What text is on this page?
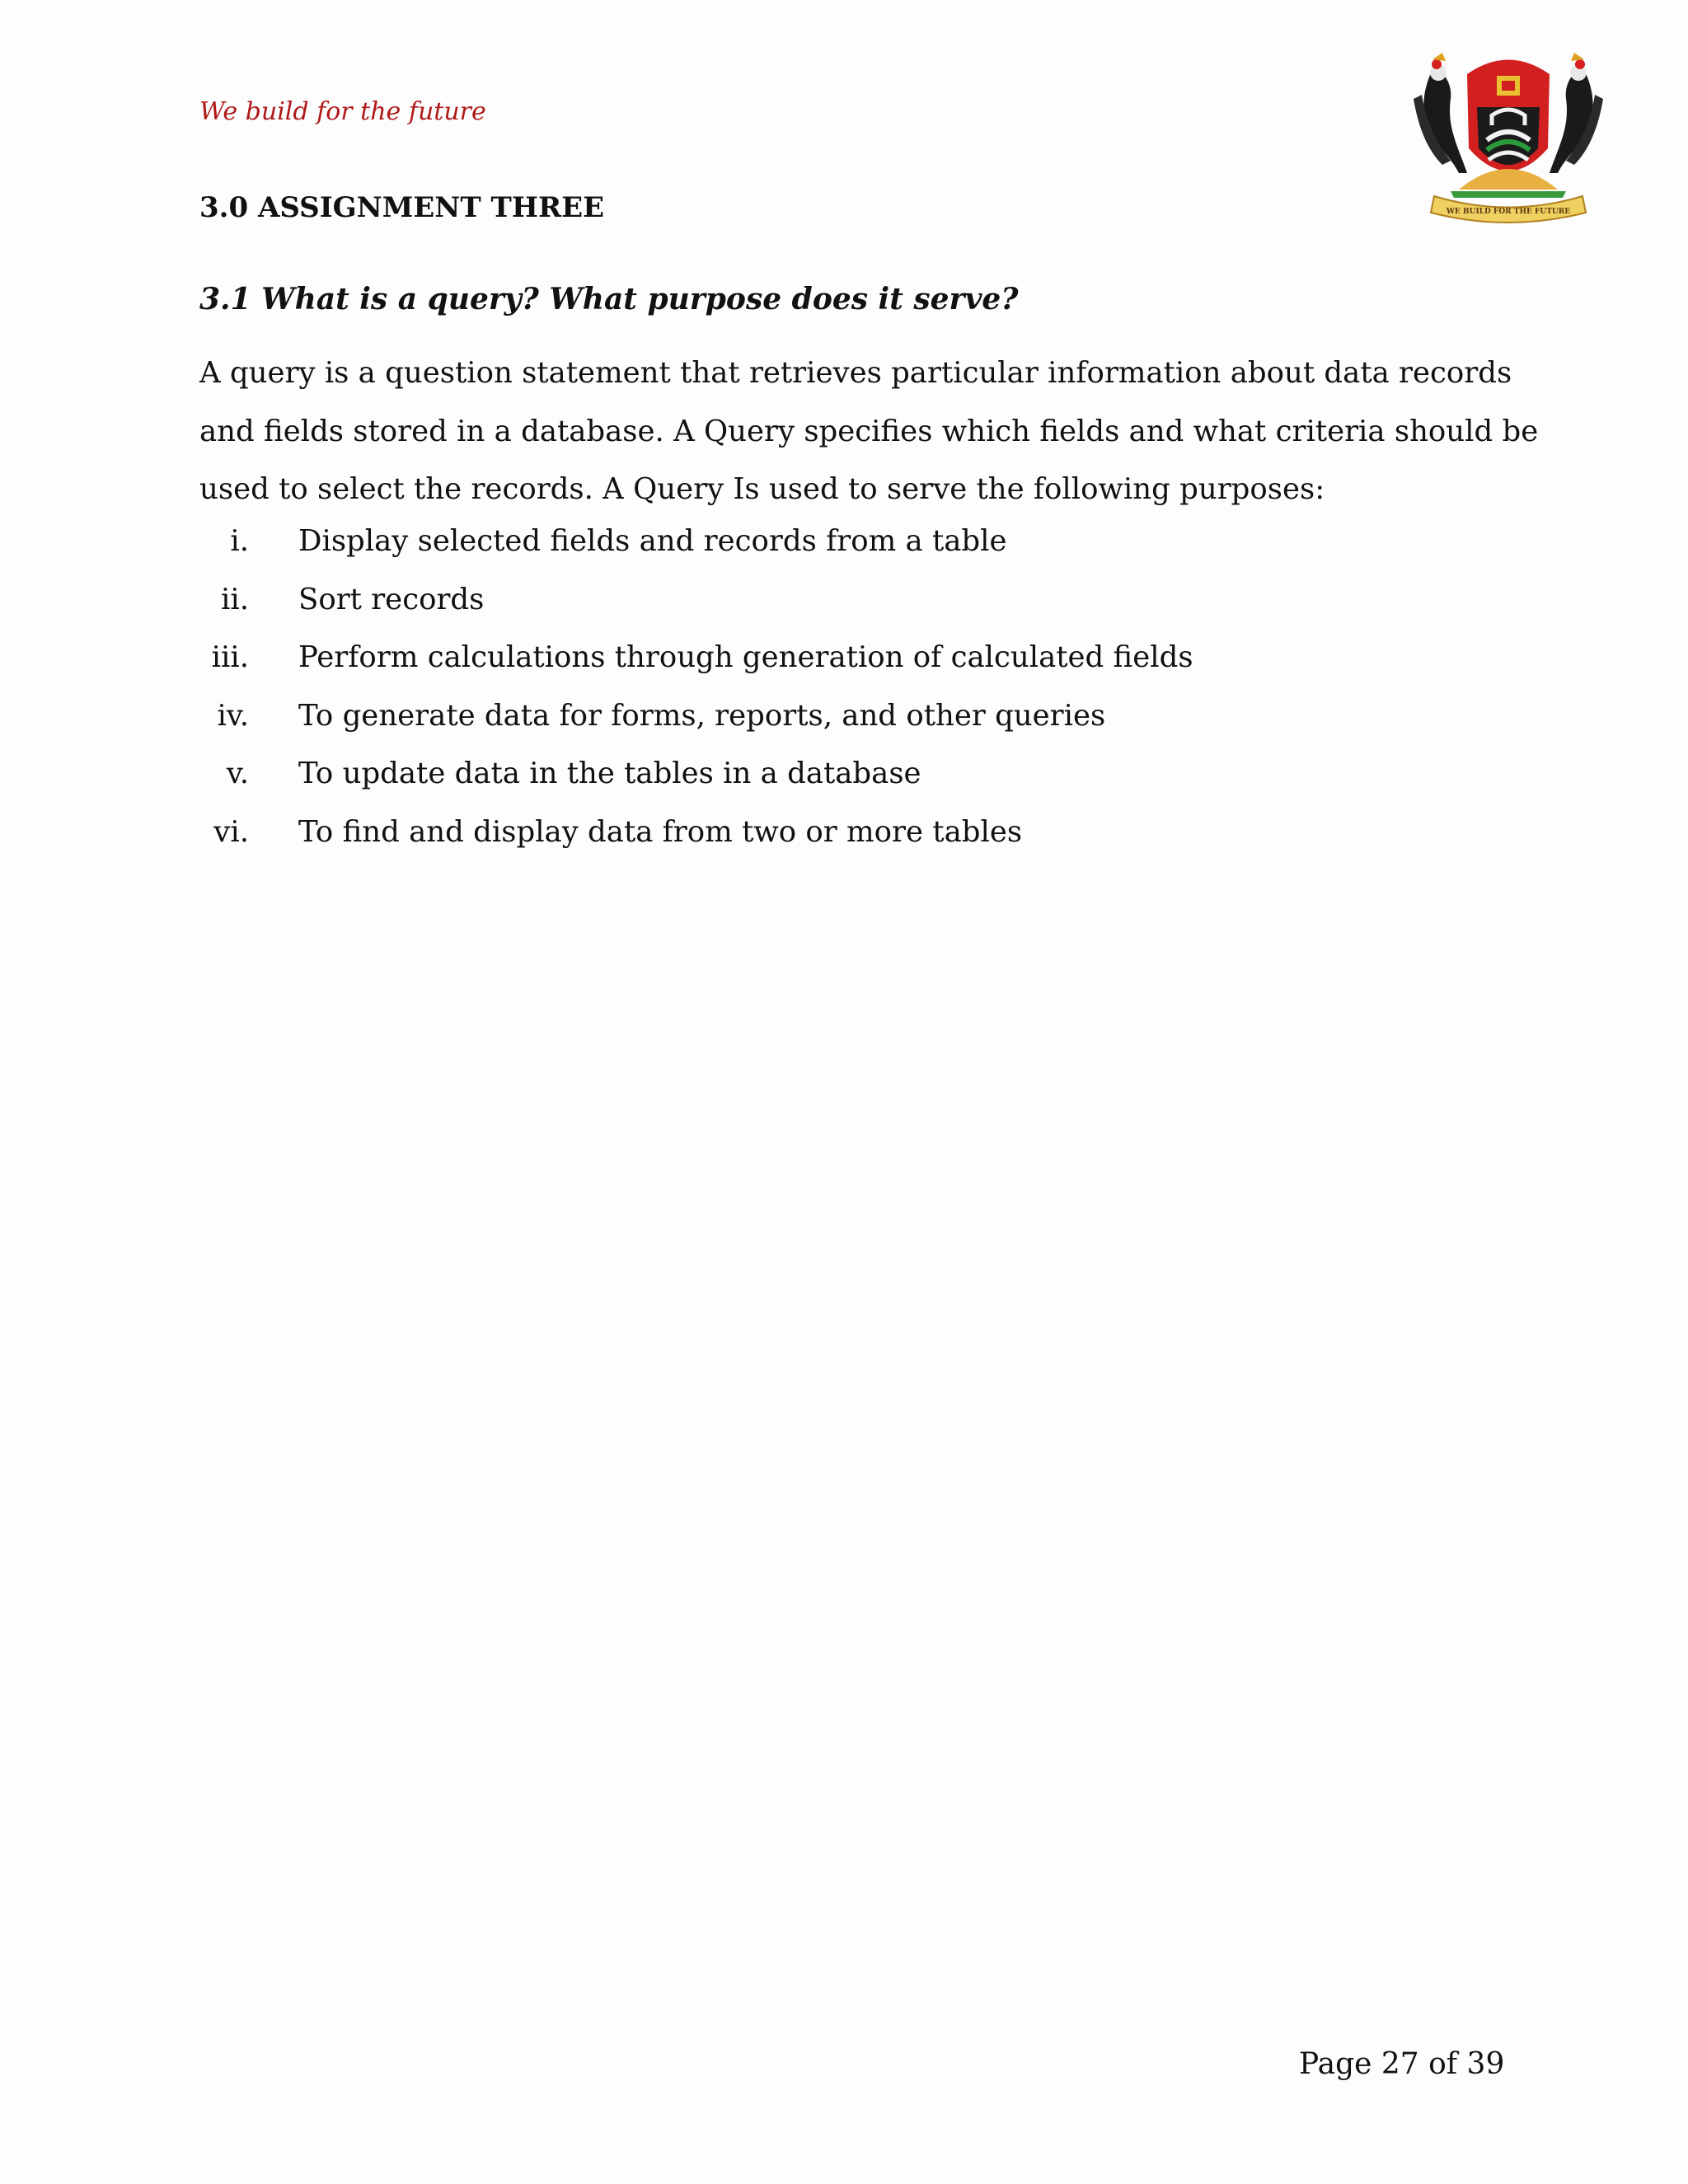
We build for the future
WE BUILD FOR THE FUTURE
3.0 ASSIGNMENT THREE
3.1 What is a query? What purpose does it serve?

A query is a question statement that retrieves particular information about data records
and fields stored in a database. A Query specifies which fields and what criteria should be
used to select the records. A Query Is used to serve the following purposes:

i. Display selected fields and records from a table
ii. Sort records
iii. Perform calculations through generation of calculated fields
iv. To generate data for forms, reports, and other queries
v. To update data in the tables in a database
vi. To find and display data from two or more tables
Page 27 of 39
